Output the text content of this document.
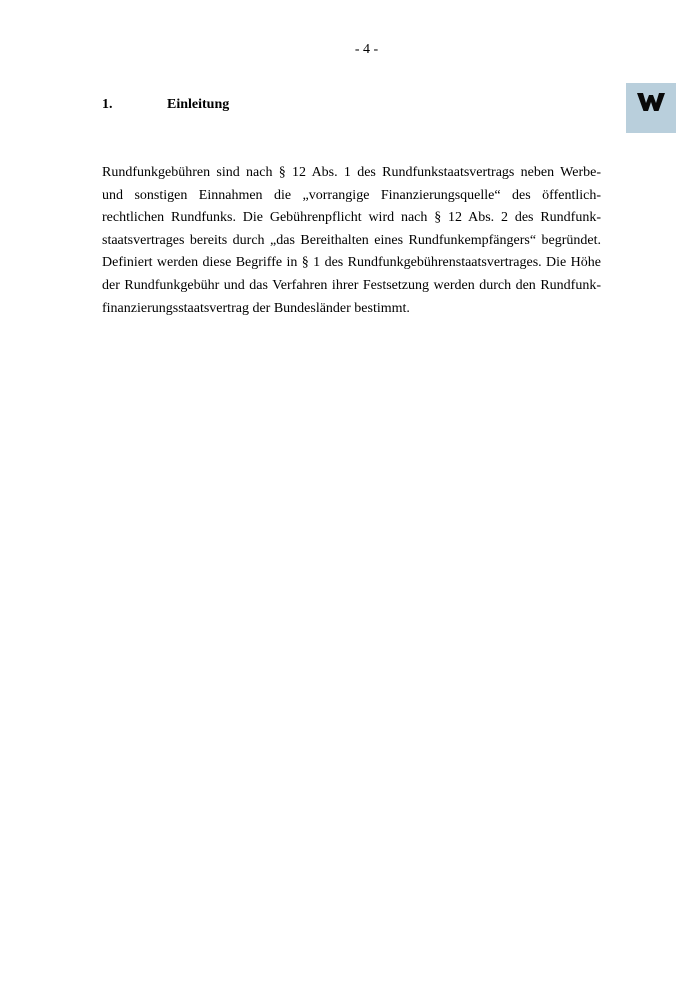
- 4 -
1.	Einleitung

Rundfunkgebühren sind nach § 12 Abs. 1 des Rundfunkstaatsvertrags neben Werbe-
und sonstigen Einnahmen die „vorrangige Finanzierungsquelle“ des öffentlich-
rechtlichen Rundfunks. Die Gebührenpflicht wird nach § 12 Abs. 2 des Rundfunk-
staatsvertrages bereits durch „das Bereithalten eines Rundfunkempfängers“ begründet.
Definiert werden diese Begriffe in § 1 des Rundfunkgebührenstaatsvertrages. Die Höhe
der Rundfunkgebühr und das Verfahren ihrer Festsetzung werden durch den Rundfunk-
finanzierungsstaatsvertrag der Bundesländer bestimmt.
